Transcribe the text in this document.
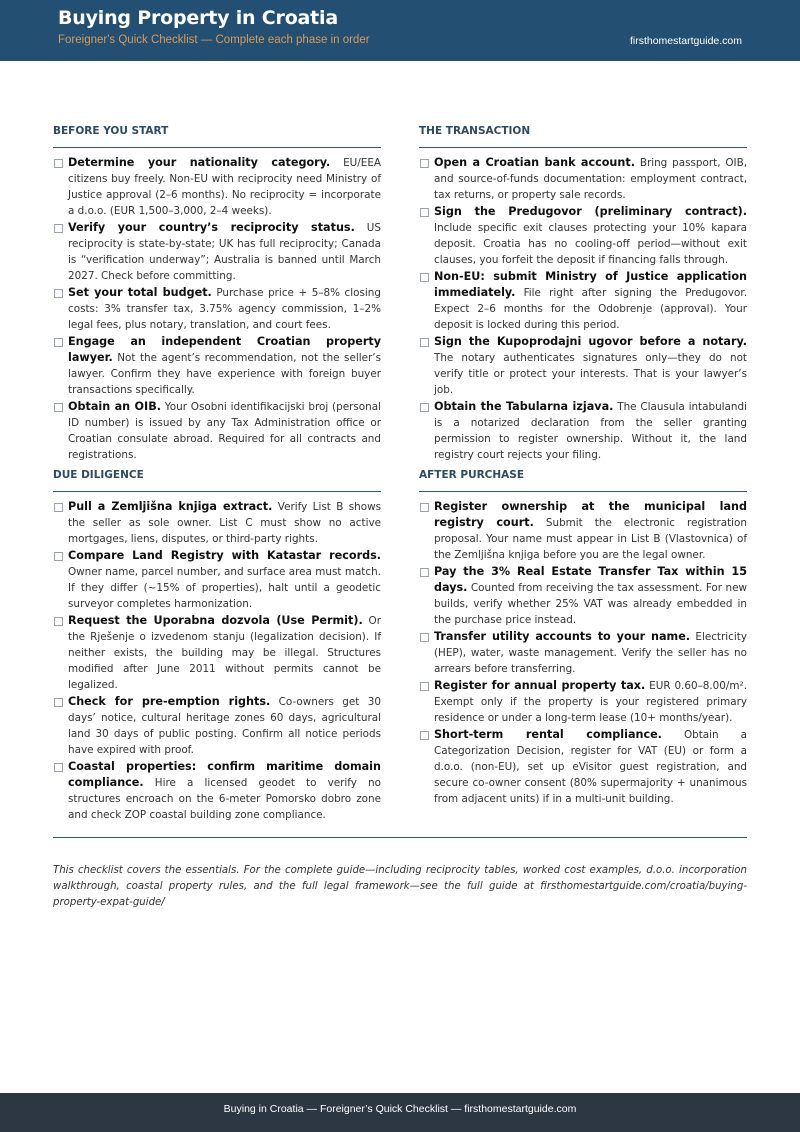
Buying Property in Croatia
Foreigner's Quick Checklist — Complete each phase in order	firsthomestartguide.com
BEFORE YOU START
Determine your nationality category. EU/EEA citizens buy freely. Non-EU with reciprocity need Ministry of Justice approval (2–6 months). No reciprocity = incorporate a d.o.o. (EUR 1,500–3,000, 2–4 weeks).
Verify your country’s reciprocity status. US reciprocity is state-by-state; UK has full reciprocity; Canada is “verification underway”; Australia is banned until March 2027. Check before committing.
Set your total budget. Purchase price + 5–8% closing costs: 3% transfer tax, 3.75% agency commission, 1–2% legal fees, plus notary, translation, and court fees.
Engage an independent Croatian property lawyer. Not the agent’s recommendation, not the seller’s lawyer. Confirm they have experience with foreign buyer transactions specifically.
Obtain an OIB. Your Osobni identifikacijski broj (personal ID number) is issued by any Tax Administration office or Croatian consulate abroad. Required for all contracts and registrations.
DUE DILIGENCE
Pull a Zemljišna knjiga extract. Verify List B shows the seller as sole owner. List C must show no active mortgages, liens, disputes, or third-party rights.
Compare Land Registry with Katastar records. Owner name, parcel number, and surface area must match. If they differ (~15% of properties), halt until a geodetic surveyor completes harmonization.
Request the Uporabna dozvola (Use Permit). Or the Rješenje o izvedenom stanju (legalization decision). If neither exists, the building may be illegal. Structures modified after June 2011 without permits cannot be legalized.
Check for pre-emption rights. Co-owners get 30 days’ notice, cultural heritage zones 60 days, agricultural land 30 days of public posting. Confirm all notice periods have expired with proof.
Coastal properties: confirm maritime domain compliance. Hire a licensed geodet to verify no structures encroach on the 6-meter Pomorsko dobro zone and check ZOP coastal building zone compliance.
THE TRANSACTION
Open a Croatian bank account. Bring passport, OIB, and source-of-funds documentation: employment contract, tax returns, or property sale records.
Sign the Predugovor (preliminary contract). Include specific exit clauses protecting your 10% kapara deposit. Croatia has no cooling-off period—without exit clauses, you forfeit the deposit if financing falls through.
Non-EU: submit Ministry of Justice application immediately. File right after signing the Predugovor. Expect 2–6 months for the Odobrenje (approval). Your deposit is locked during this period.
Sign the Kupoprodajni ugovor before a notary. The notary authenticates signatures only—they do not verify title or protect your interests. That is your lawyer’s job.
Obtain the Tabularna izjava. The Clausula intabulandi is a notarized declaration from the seller granting permission to register ownership. Without it, the land registry court rejects your filing.
AFTER PURCHASE
Register ownership at the municipal land registry court. Submit the electronic registration proposal. Your name must appear in List B (Vlastovnica) of the Zemljišna knjiga before you are the legal owner.
Pay the 3% Real Estate Transfer Tax within 15 days. Counted from receiving the tax assessment. For new builds, verify whether 25% VAT was already embedded in the purchase price instead.
Transfer utility accounts to your name. Electricity (HEP), water, waste management. Verify the seller has no arrears before transferring.
Register for annual property tax. EUR 0.60–8.00/m². Exempt only if the property is your registered primary residence or under a long-term lease (10+ months/year).
Short-term rental compliance. Obtain a Categorization Decision, register for VAT (EU) or form a d.o.o. (non-EU), set up eVisitor guest registration, and secure co-owner consent (80% supermajority + unanimous from adjacent units) if in a multi-unit building.
This checklist covers the essentials. For the complete guide—including reciprocity tables, worked cost examples, d.o.o. incorporation walkthrough, coastal property rules, and the full legal framework—see the full guide at firsthomestartguide.com/croatia/buying-property-expat-guide/
Buying in Croatia — Foreigner’s Quick Checklist — firsthomestartguide.com
